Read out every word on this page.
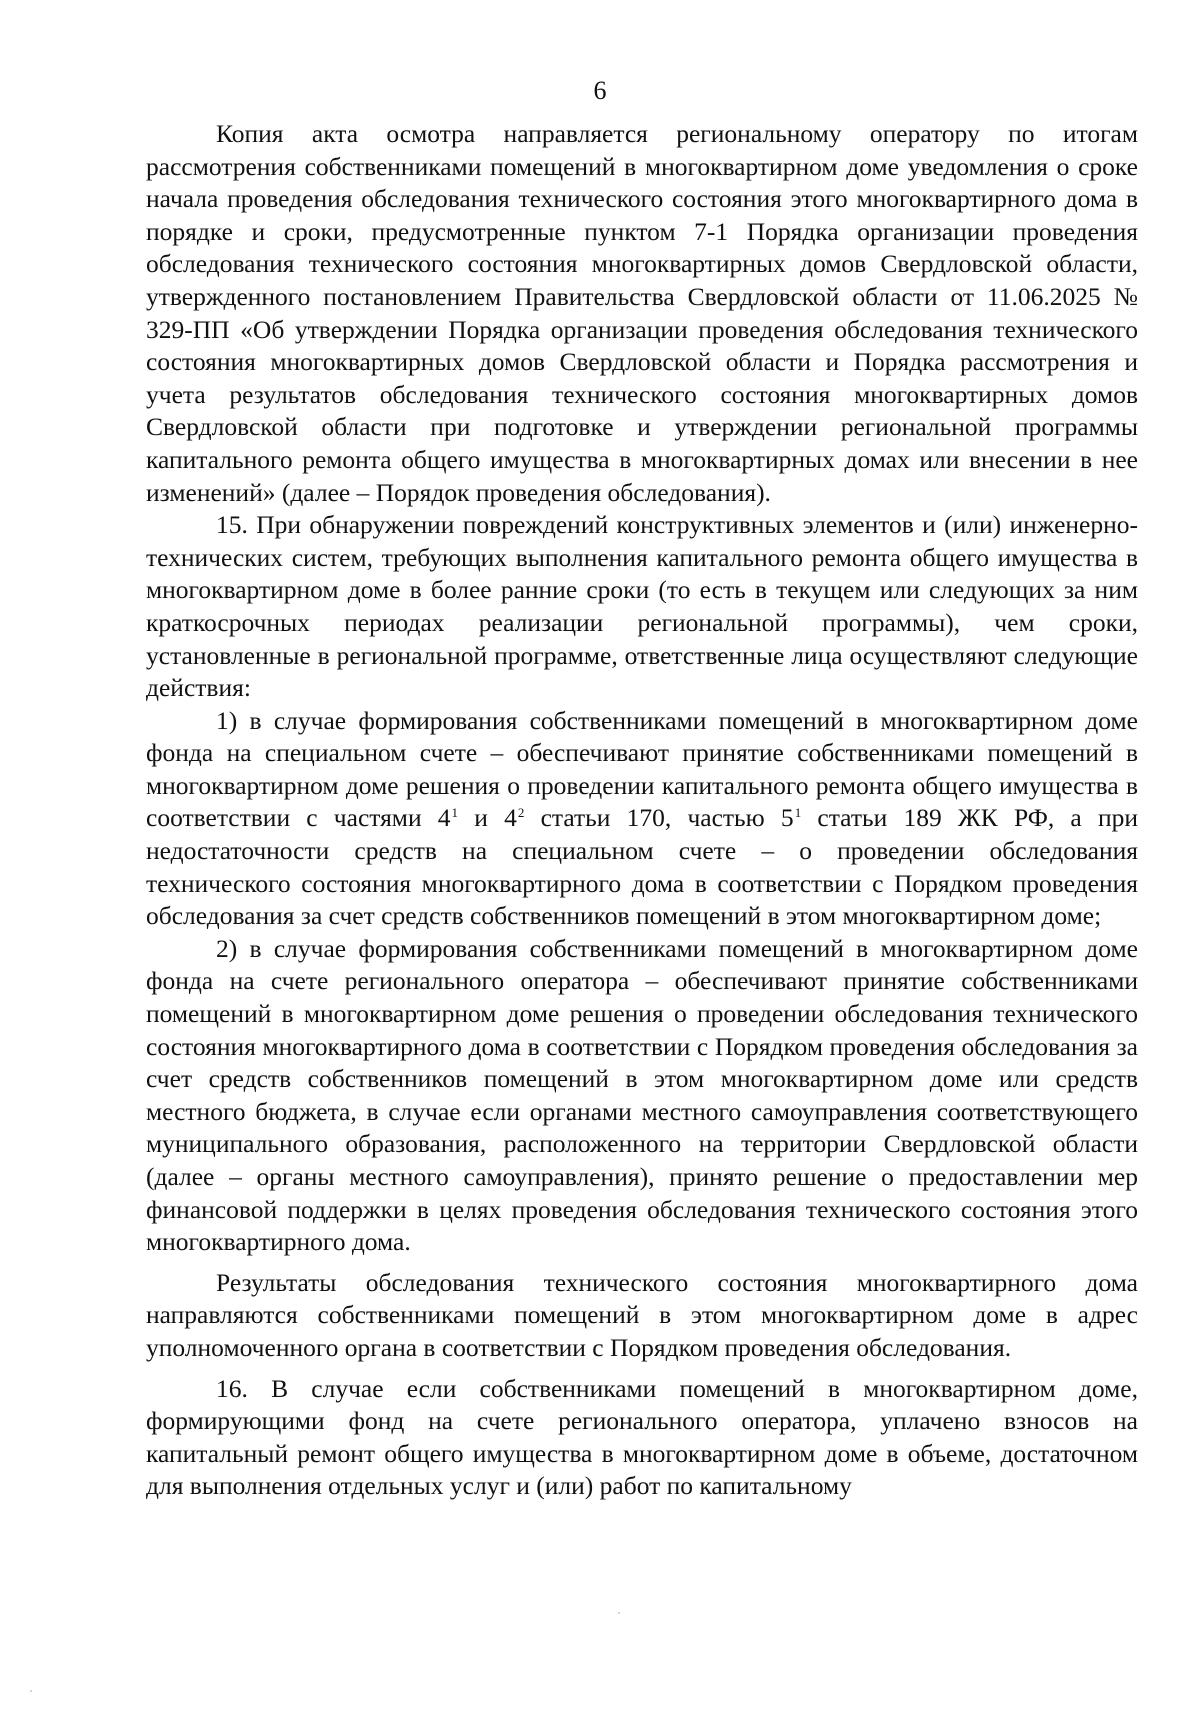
6

Копия акта осмотра направляется региональному оператору по итогам рассмотрения собственниками помещений в многоквартирном доме уведомления о сроке начала проведения обследования технического состояния этого многоквартирного дома в порядке и сроки, предусмотренные пунктом 7-1 Порядка организации проведения обследования технического состояния многоквартирных домов Свердловской области, утвержденного постановлением Правительства Свердловской области от 11.06.2025 № 329-ПП «Об утверждении Порядка организации проведения обследования технического состояния многоквартирных домов Свердловской области и Порядка рассмотрения и учета результатов обследования технического состояния многоквартирных домов Свердловской области при подготовке и утверждении региональной программы капитального ремонта общего имущества в многоквартирных домах или внесении в нее изменений» (далее – Порядок проведения обследования).

15. При обнаружении повреждений конструктивных элементов и (или) инженерно-технических систем, требующих выполнения капитального ремонта общего имущества в многоквартирном доме в более ранние сроки (то есть в текущем или следующих за ним краткосрочных периодах реализации региональной программы), чем сроки, установленные в региональной программе, ответственные лица осуществляют следующие действия:

1) в случае формирования собственниками помещений в многоквартирном доме фонда на специальном счете – обеспечивают принятие собственниками помещений в многоквартирном доме решения о проведении капитального ремонта общего имущества в соответствии с частями $4^1$ и $4^2$ статьи 170, частью $5^1$ статьи 189 ЖК РФ, а при недостаточности средств на специальном счете – о проведении обследования технического состояния многоквартирного дома в соответствии с Порядком проведения обследования за счет средств собственников помещений в этом многоквартирном доме;

2) в случае формирования собственниками помещений в многоквартирном доме фонда на счете регионального оператора – обеспечивают принятие собственниками помещений в многоквартирном доме решения о проведении обследования технического состояния многоквартирного дома в соответствии с Порядком проведения обследования за счет средств собственников помещений в этом многоквартирном доме или средств местного бюджета, в случае если органами местного самоуправления соответствующего муниципального образования, расположенного на территории Свердловской области (далее – органы местного самоуправления), принято решение о предоставлении мер финансовой поддержки в целях проведения обследования технического состояния этого многоквартирного дома.

Результаты обследования технического состояния многоквартирного дома направляются собственниками помещений в этом многоквартирном доме в адрес уполномоченного органа в соответствии с Порядком проведения обследования.

16. В случае если собственниками помещений в многоквартирном доме, формирующими фонд на счете регионального оператора, уплачено взносов на капитальный ремонт общего имущества в многоквартирном доме в объеме, достаточном для выполнения отдельных услуг и (или) работ по капитальному
